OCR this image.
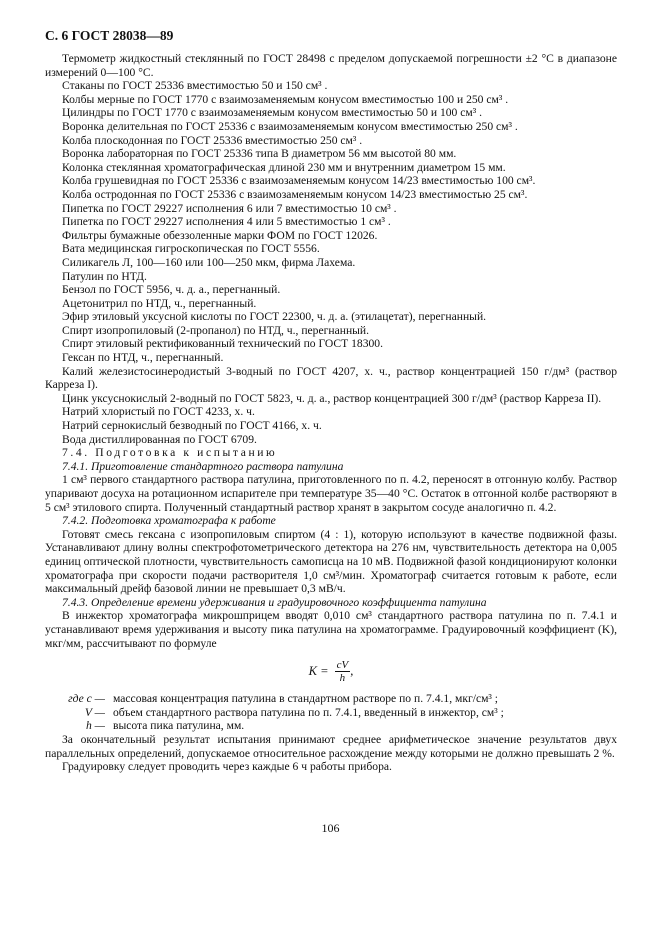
С. 6 ГОСТ 28038—89

Термометр жидкостный стеклянный по ГОСТ 28498 с пределом допускаемой погрешности ±2 °С в диапазоне измерений 0—100 °С.

Стаканы по ГОСТ 25336 вместимостью 50 и 150 см³ .

Колбы мерные по ГОСТ 1770 с взаимозаменяемым конусом вместимостью 100 и 250 см³ .

Цилиндры по ГОСТ 1770 с взаимозаменяемым конусом вместимостью 50 и 100 см³ .

Воронка делительная по ГОСТ 25336 с взаимозаменяемым конусом вместимостью 250 см³ .

Колба плоскодонная по ГОСТ 25336 вместимостью 250 см³ .

Воронка лабораторная по ГОСТ 25336 типа В диаметром 56 мм высотой 80 мм.

Колонка стеклянная хроматографическая длиной 230 мм и внутренним диаметром 15 мм.

Колба грушевидная по ГОСТ 25336 с взаимозаменяемым конусом 14/23 вместимостью 100 см³.

Колба остродонная по ГОСТ 25336 с взаимозаменяемым конусом 14/23 вместимостью 25 см³.

Пипетка по ГОСТ 29227 исполнения 6 или 7 вместимостью 10 см³ .

Пипетка по ГОСТ 29227 исполнения 4 или 5 вместимостью 1 см³ .

Фильтры бумажные обеззоленные марки ФОМ по ГОСТ 12026.

Вата медицинская гигроскопическая по ГОСТ 5556.

Силикагель Л, 100—160 или 100—250 мкм, фирма Лахема.

Патулин по НТД.

Бензол по ГОСТ 5956, ч. д. а., перегнанный.

Ацетонитрил по НТД, ч., перегнанный.

Эфир этиловый уксусной кислоты по ГОСТ 22300, ч. д. а. (этилацетат), перегнанный.

Спирт изопропиловый (2-пропанол) по НТД, ч., перегнанный.

Спирт этиловый ректификованный технический по ГОСТ 18300.

Гексан по НТД, ч., перегнанный.

Калий железистосинеродистый 3-водный по ГОСТ 4207, х. ч., раствор концентрацией 150 г/дм³ (раствор Карреза I).

Цинк уксуснокислый 2-водный по ГОСТ 5823, ч. д. а., раствор концентрацией 300 г/дм³ (раствор Карреза II).

Натрий хлористый по ГОСТ 4233, х. ч.

Натрий сернокислый безводный по ГОСТ 4166, х. ч.

Вода дистиллированная по ГОСТ 6709.

7.4. Подготовка к испытанию

7.4.1. Приготовление стандартного раствора патулина

1 см³ первого стандартного раствора патулина, приготовленного по п. 4.2, переносят в отгонную колбу. Раствор упаривают досуха на ротационном испарителе при температуре 35—40 °С. Остаток в отгонной колбе растворяют в 5 см³ этилового спирта. Полученный стандартный раствор хранят в закрытом сосуде аналогично п. 4.2.

7.4.2. Подготовка хроматографа к работе

Готовят смесь гексана с изопропиловым спиртом (4 : 1), которую используют в качестве подвижной фазы. Устанавливают длину волны спектрофотометрического детектора на 276 нм, чувствительность детектора на 0,005 единиц оптической плотности, чувствительность самописца на 10 мВ. Подвижной фазой кондиционируют колонки хроматографа при скорости подачи растворителя 1,0 см³/мин. Хроматограф считается готовым к работе, если максимальный дрейф базовой линии не превышает 0,3 мВ/ч.

7.4.3. Определение времени удерживания и градуировочного коэффициента патулина

В инжектор хроматографа микрошприцем вводят 0,010 см³ стандартного раствора патулина по п. 7.4.1 и устанавливают время удерживания и высоту пика патулина на хроматограмме. Градуировочный коэффициент (K), мкг/мм, рассчитывают по формуле

$K = \frac{cV}{h}$ ,
где c — массовая концентрация патулина в стандартном растворе по п. 7.4.1, мкг/см³ ;
V — объем стандартного раствора патулина по п. 7.4.1, введенный в инжектор, см³ ;
h — высота пика патулина, мм.

За окончательный результат испытания принимают среднее арифметическое значение результатов двух параллельных определений, допускаемое относительное расхождение между которыми не должно превышать 2 %.

Градуировку следует проводить через каждые 6 ч работы прибора.

106
